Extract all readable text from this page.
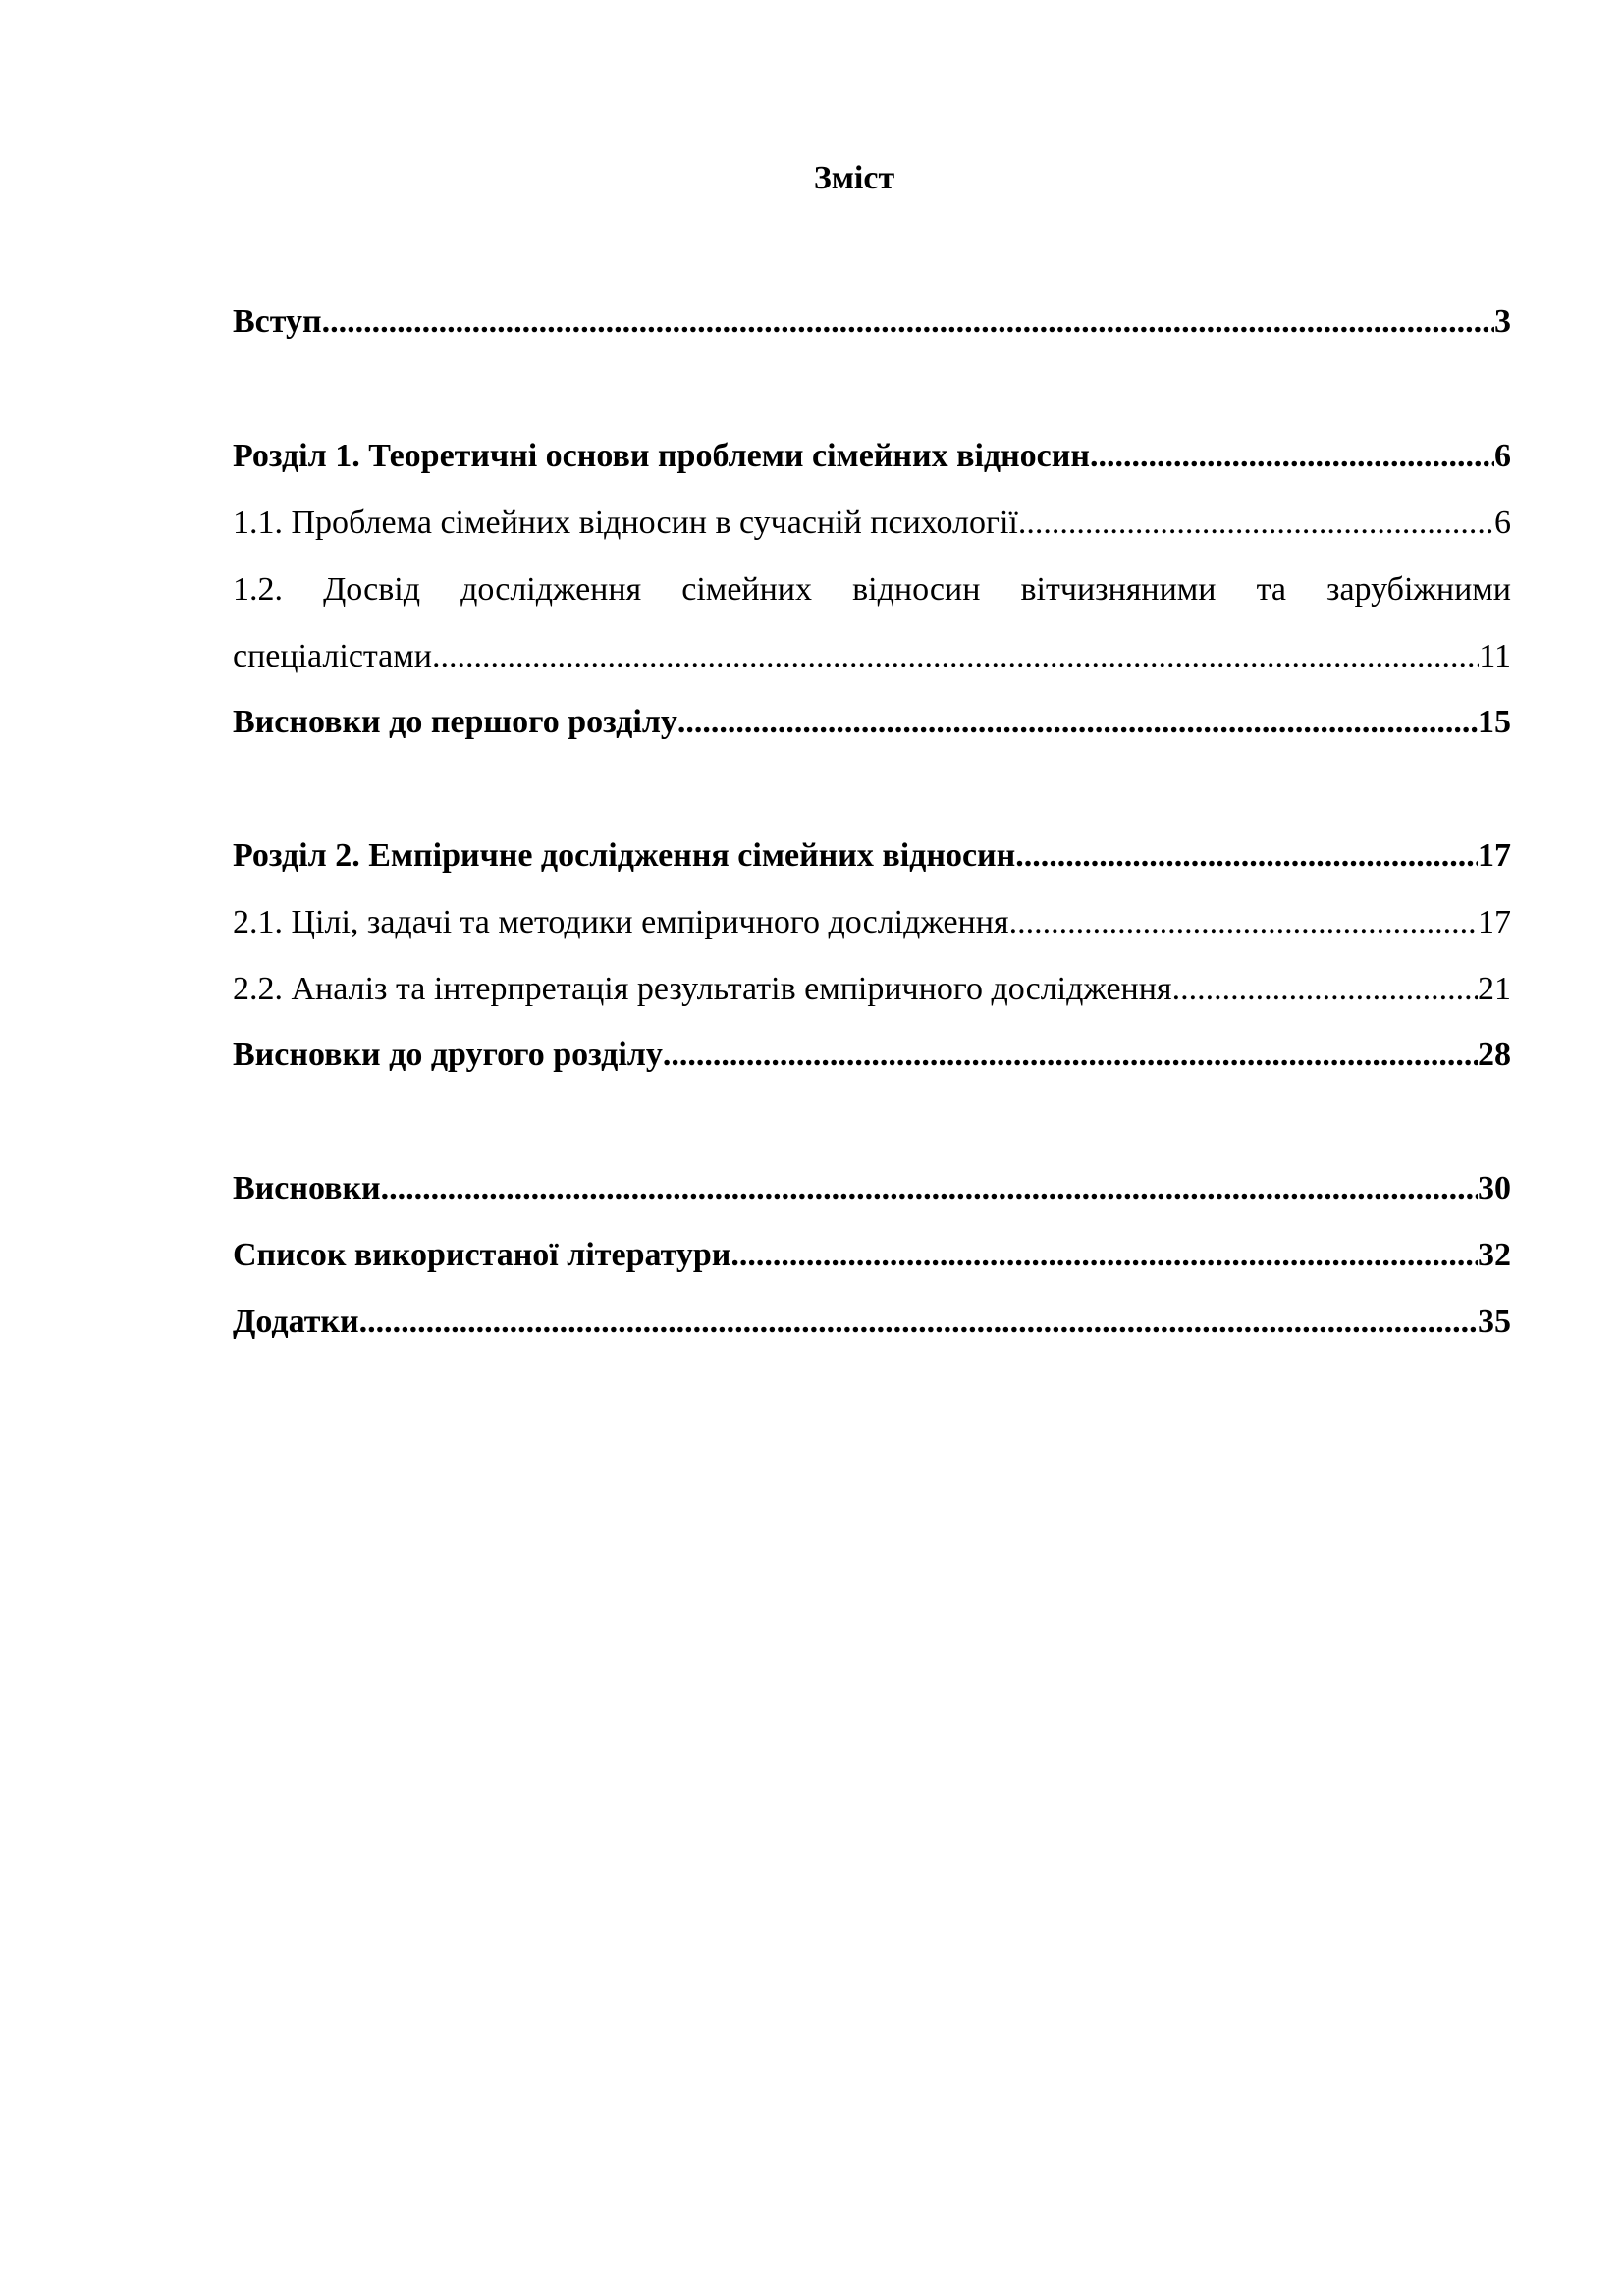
Зміст
Вступ .....	3
Розділ 1. Теоретичні основи проблеми сімейних відносин .....	6
1.1. Проблема сімейних відносин в сучасній психології .....	6
1.2. Досвід дослідження сімейних відносин вітчизняними та зарубіжними
спеціалістами .....	11
Висновки до першого розділу .....	15
Розділ 2. Емпіричне дослідження сімейних відносин .....	17
2.1. Цілі, задачі та методики емпіричного дослідження .....	17
2.2. Аналіз та інтерпретація результатів емпіричного дослідження .....	21
Висновки до другого розділу .....	28
Висновки .....	30
Список використаної літератури .....	32
Додатки .....	35
